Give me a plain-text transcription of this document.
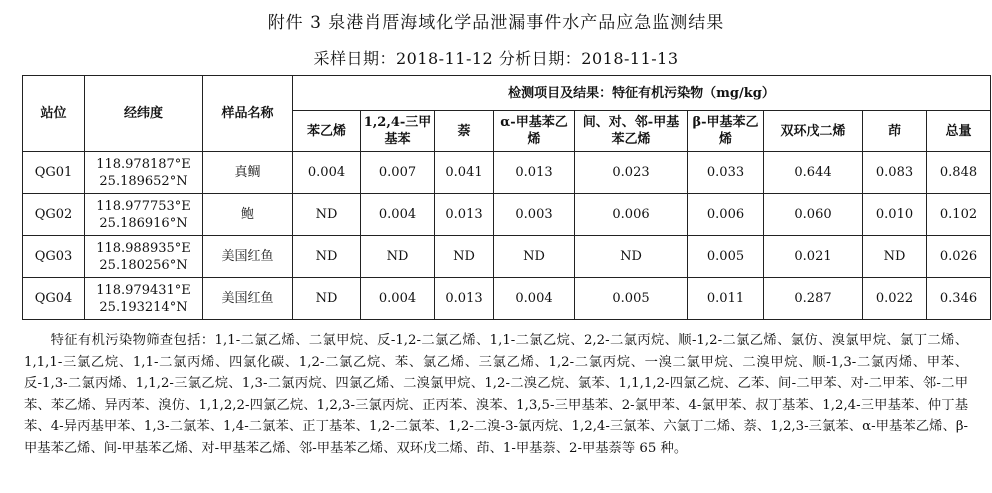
附件 3 泉港肖厝海域化学品泄漏事件水产品应急监测结果
采样日期：2018-11-12 分析日期：2018-11-13
站位	经纬度	样品名称	检测项目及结果：特征有机污染物（mg/kg）								
			苯乙烯	1,2,4-三甲基苯	萘	α-甲基苯乙烯	间、对、邻-甲基苯乙烯	β-甲基苯乙烯	双环戊二烯	茚	总量
QG01	118.978187°E
25.189652°N	真鲷	0.004	0.007	0.041	0.013	0.023	0.033	0.644	0.083	0.848
QG02	118.977753°E
25.186916°N	鲍	ND	0.004	0.013	0.003	0.006	0.006	0.060	0.010	0.102
QG03	118.988935°E
25.180256°N	美国红鱼	ND	ND	ND	ND	ND	0.005	0.021	ND	0.026
QG04	118.979431°E
25.193214°N	美国红鱼	ND	0.004	0.013	0.004	0.005	0.011	0.287	0.022	0.346
特征有机污染物筛查包括：1,1-二氯乙烯、二氯甲烷、反-1,2-二氯乙烯、1,1-二氯乙烷、2,2-二氯丙烷、顺-1,2-二氯乙烯、氯仿、溴氯甲烷、氯丁二烯、1,1,1-三氯乙烷、1,1-二氯丙烯、四氯化碳、1,2-二氯乙烷、苯、氯乙烯、三氯乙烯、1,2-二氯丙烷、一溴二氯甲烷、二溴甲烷、顺-1,3-二氯丙烯、甲苯、反-1,3-二氯丙烯、1,1,2-三氯乙烷、1,3-二氯丙烷、四氯乙烯、二溴氯甲烷、1,2-二溴乙烷、氯苯、1,1,1,2-四氯乙烷、乙苯、间-二甲苯、对-二甲苯、邻-二甲苯、苯乙烯、异丙苯、溴仿、1,1,2,2-四氯乙烷、1,2,3-三氯丙烷、正丙苯、溴苯、1,3,5-三甲基苯、2-氯甲苯、4-氯甲苯、叔丁基苯、1,2,4-三甲基苯、仲丁基苯、4-异丙基甲苯、1,3-二氯苯、1,4-二氯苯、正丁基苯、1,2-二氯苯、1,2-二溴-3-氯丙烷、1,2,4-三氯苯、六氯丁二烯、萘、1,2,3-三氯苯、α-甲基苯乙烯、β-甲基苯乙烯、间-甲基苯乙烯、对-甲基苯乙烯、邻-甲基苯乙烯、双环戊二烯、茚、1-甲基萘、2-甲基萘等 65 种。
